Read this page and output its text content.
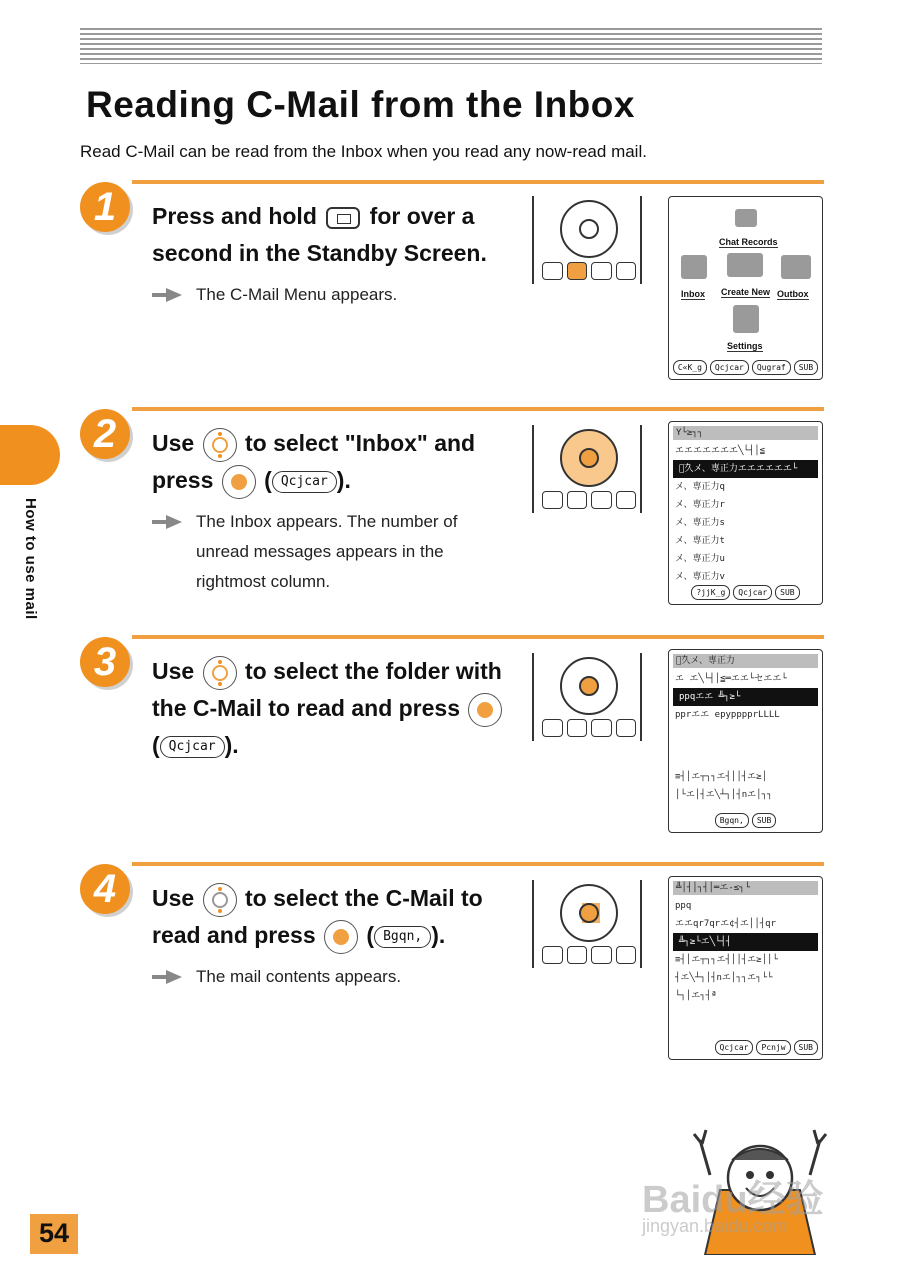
Reading C-Mail from the Inbox

Read C-Mail can be read from the Inbox when you read any now-read mail.

How to use mail
1	Press and hold for over a second in the Standby Screen.
The C-Mail Menu appears.
Chat Records
Inbox Create New Outbox
Settings
C«K_g	Qcjcar	Qugraf	SUB
2	Use to select "Inbox" and press ( Qcjcar ).
The Inbox appears. The number of unread messages appears in the rightmost column.
Y└≥┐┐
エエエエエエエ╲└┤│≦
三̅久メ、専正力エエエエエエ└
メ、専正力q
メ、専正力r
メ、専正力s
メ、専正力t
メ、専正力u
メ、専正力v
?jjK_g	Qcjcar	SUB
3	Use to select the folder with the C-Mail to read and press
( Qcjcar ).
三̅久メ、専正力
エ エ╲└┤│≦═エエ└セエエ└
ppqエエ ╩┐≥└
pprエエ epypppprLLLL
≡┤│エ┬┐┐エ┤││┤エ≥│
│└エ│┤エ╲┴┐│┤nエ│┐┐
Bgqn,	SUB
4	Use to select the C-Mail to read and press ( Bgqn, ).
The mail contents appears.
╩│┤│┐┤│═エ-≤┐└
ppq
エエqr7qrエ¢┤エ││┤qr
╩┐≥└エ╲└┤┤
≡┤│エ┬┐┐エ┤││┤エ≥││└
┤エ╲┴┐│┤nエ│┐┐エ┐└└
└┐│エ┐┤ª
Qcjcar	Pcnjw	SUB
Baidu经验
jingyan.baidu.com
54
